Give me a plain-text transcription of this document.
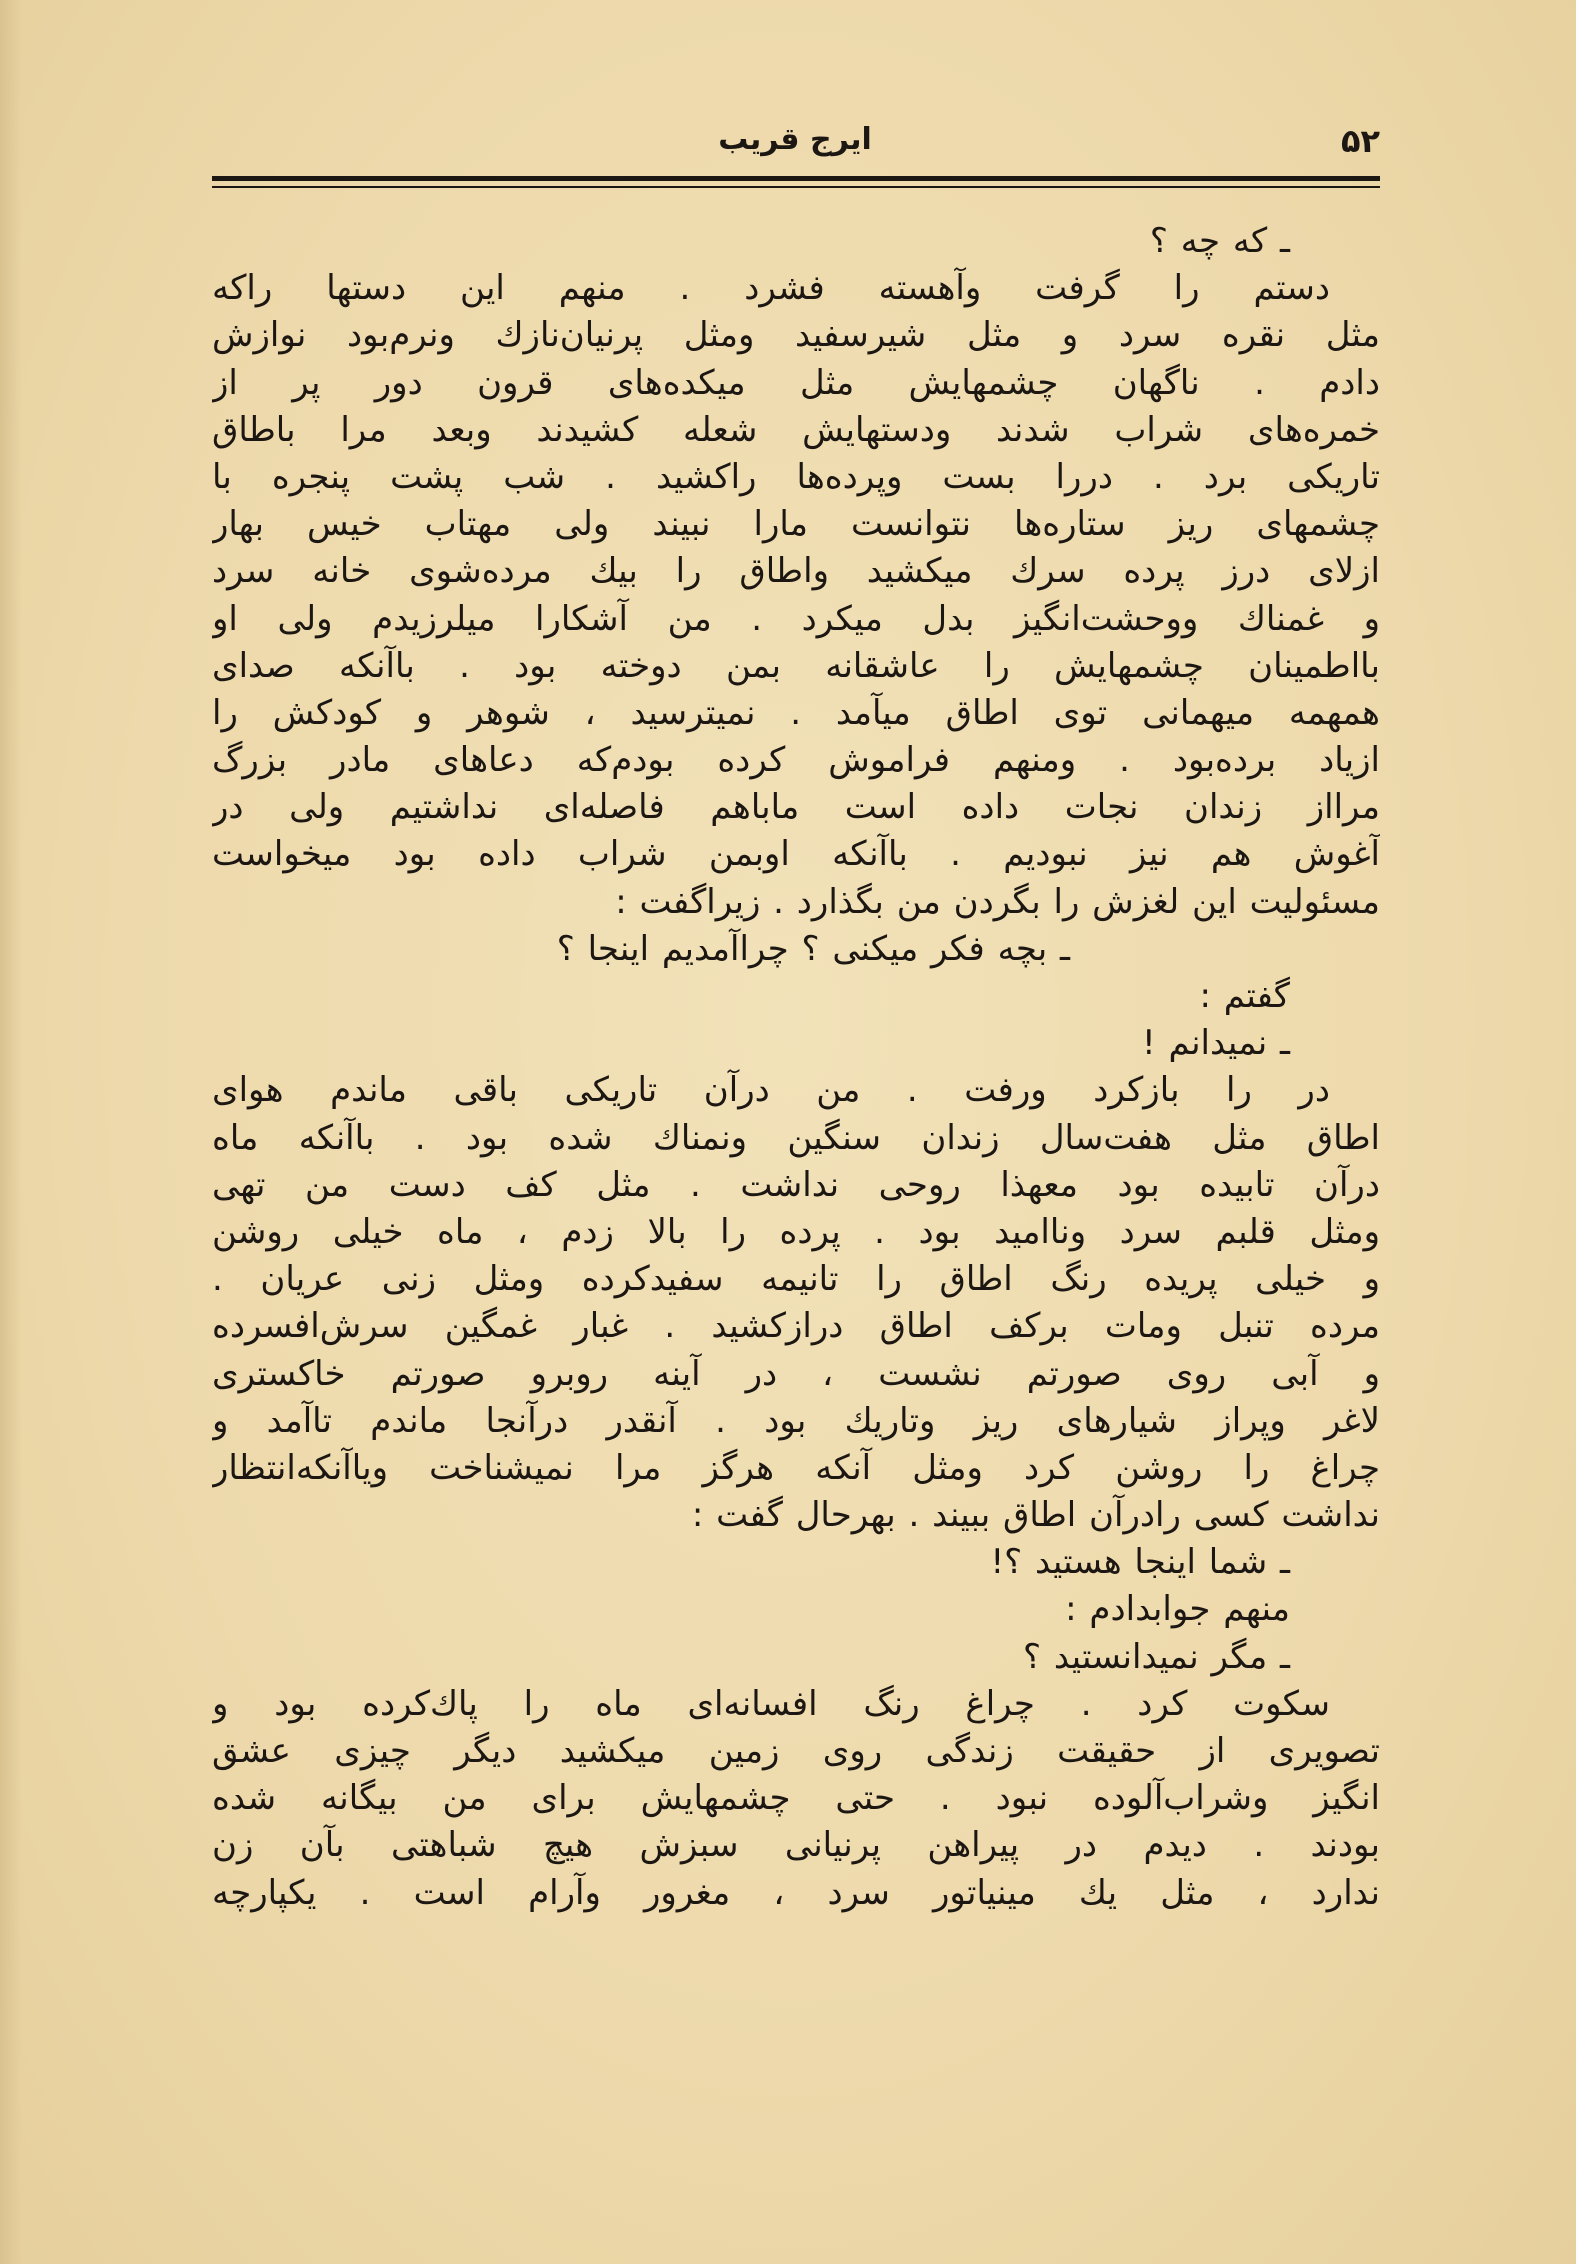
۵۲
ایرج قریب
ـ که چه ؟
دستم را گرفت وآهسته فشرد . منهم این دستها راکه
مثل نقره سرد و مثل شیرسفید ومثل پرنیان‌نازك ونرم‌بود نوازش
دادم . ناگهان چشمهایش مثل میکده‌های قرون دور پر از
خمره‌های شراب شدند ودستهایش شعله کشیدند وبعد مرا باطاق
تاریکی برد . دررا بست وپرده‌ها راکشید . شب پشت پنجره با
چشمهای ریز ستاره‌ها نتوانست مارا نبیند ولی مهتاب خیس بهار
ازلای درز پرده سرك میکشید واطاق را بیك مرده‌شوی خانه سرد
و غمناك ووحشت‌انگیز بدل میکرد . من آشکارا میلرزیدم ولی او
بااطمینان چشمهایش را عاشقانه بمن دوخته بود . باآنکه صدای
همهمه میهمانی توی اطاق میآمد . نمیترسید ، شوهر و کودکش را
ازیاد برده‌بود . ومنهم فراموش کرده بودم‌که دعاهای مادر بزرگ
مرااز زندان نجات داده است ماباهم فاصله‌ای نداشتیم ولی در
آغوش هم نیز نبودیم . باآنکه اوبمن شراب داده بود میخواست
مسئولیت این لغزش را بگردن من بگذارد . زیراگفت :
ـ بچه فکر میکنی ؟ چرا‌آمدیم اینجا ؟
گفتم :
ـ نمیدانم !
در را بازکرد ورفت . من درآن تاریکی باقی ماندم هوای
اطاق مثل هفت‌سال زندان سنگین ونمناك شده بود . باآنکه ماه
درآن تابیده بود معهذا روحی نداشت . مثل کف دست من تهی
ومثل قلبم سرد ونا‌امید بود . پرده را بالا زدم ، ماه خیلی روشن
و خیلی پریده رنگ اطاق را تانیمه سفیدکرده ومثل زنی عریان .
مرده تنبل ومات برکف اطاق درازکشید . غبار غمگین سرش‌افسرده
و آبی روی صورتم نشست ، در آینه روبرو صورتم خاکستری
لاغر وپراز شیارهای ریز وتاریك بود . آنقدر درآنجا ماندم تاآمد و
چراغ را روشن کرد ومثل آنکه هرگز مرا نمیشناخت ویاآنکه‌انتظار
نداشت کسی رادرآن اطاق ببیند . بهرحال گفت :
ـ شما اینجا هستید ؟!
منهم جوابدادم :
ـ مگر نمیدانستید ؟
سکوت کرد . چراغ رنگ افسانه‌ای ماه را پاك‌کرده بود و
تصویری از حقیقت زندگی روی زمین میکشید دیگر چیزی عشق
انگیز وشراب‌آلوده نبود . حتی چشمهایش برای من بیگانه شده
بودند . دیدم در پیراهن پرنیانی سبزش هیچ شباهتی بآن زن
ندارد ، مثل يك مینیاتور سرد ، مغرور وآرام است . یکپارچه
